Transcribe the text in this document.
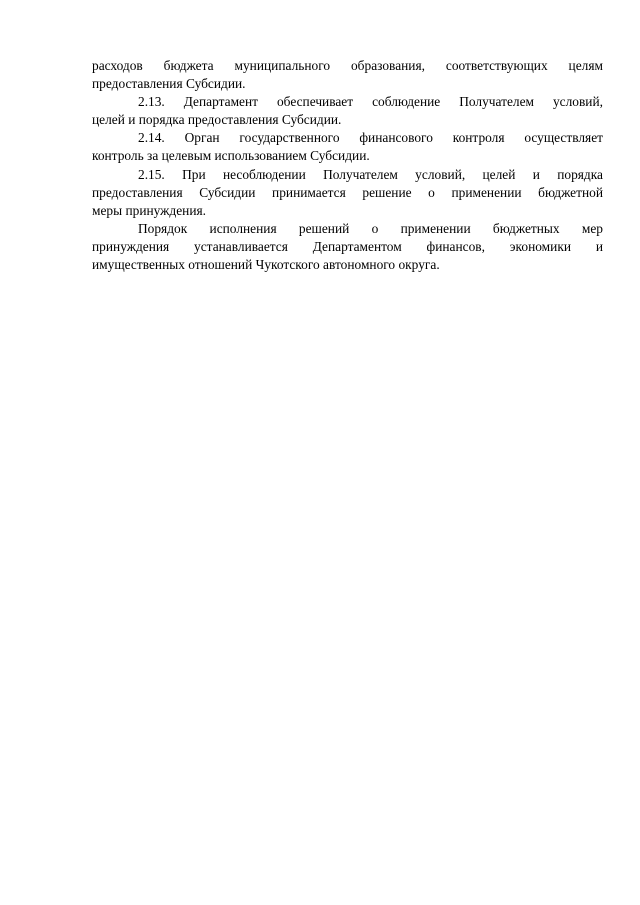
расходов бюджета муниципального образования, соответствующих целям
предоставления Субсидии.
2.13. Департамент обеспечивает соблюдение Получателем условий,
целей и порядка предоставления Субсидии.
2.14. Орган государственного финансового контроля осуществляет
контроль за целевым использованием Субсидии.
2.15. При несоблюдении Получателем условий, целей и порядка
предоставления Субсидии принимается решение о применении бюджетной
меры принуждения.
Порядок исполнения решений о применении бюджетных мер
принуждения устанавливается Департаментом финансов, экономики и
имущественных отношений Чукотского автономного округа.
